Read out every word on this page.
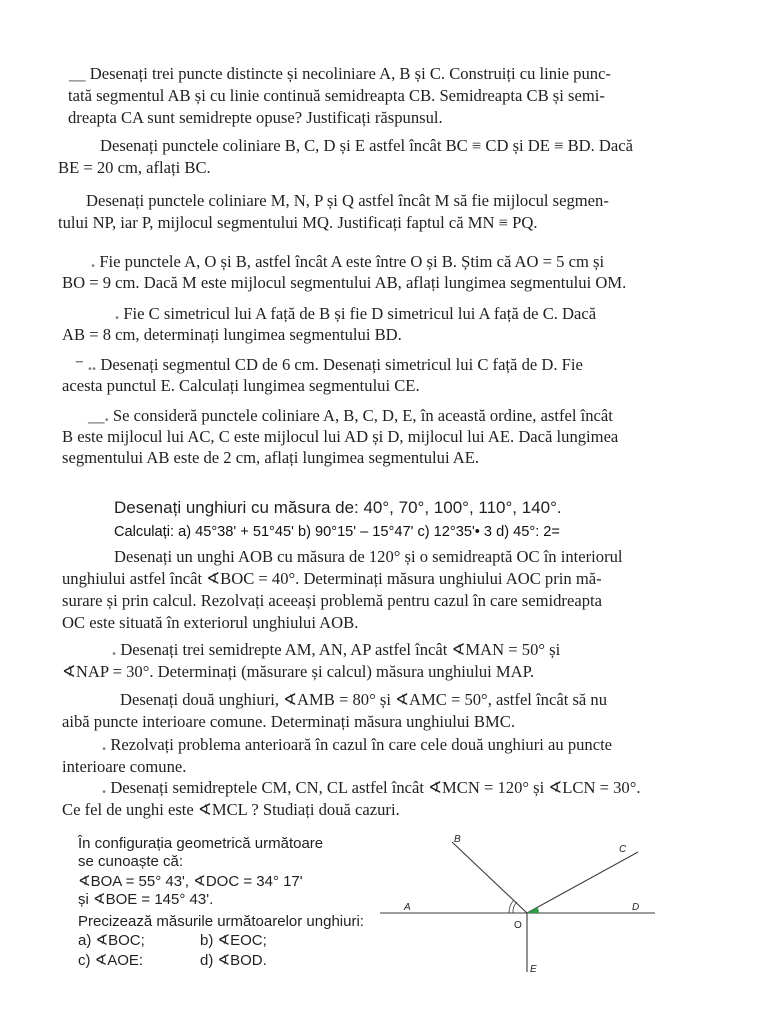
__ Desenați trei puncte distincte și necoliniare A, B și C. Construiți cu linie punc-
tată segmentul AB și cu linie continuă semidreapta CB. Semidreapta CB și semi-
dreapta CA sunt semidrepte opuse? Justificați răspunsul.
Desenați punctele coliniare B, C, D și E astfel încât BC ≡ CD și DE ≡ BD. Dacă
BE = 20 cm, aflați BC.
Desenați punctele coliniare M, N, P și Q astfel încât M să fie mijlocul segmen-
tului NP, iar P, mijlocul segmentului MQ. Justificați faptul că MN ≡ PQ.
. Fie punctele A, O și B, astfel încât A este între O și B. Știm că AO = 5 cm și
BO = 9 cm. Dacă M este mijlocul segmentului AB, aflați lungimea segmentului OM.
. Fie C simetricul lui A față de B și fie D simetricul lui A față de C. Dacă
AB = 8 cm, determinați lungimea segmentului BD.
⁻ .. Desenați segmentul CD de 6 cm. Desenați simetricul lui C față de D. Fie
acesta punctul E. Calculați lungimea segmentului CE.
__. Se consideră punctele coliniare A, B, C, D, E, în această ordine, astfel încât
B este mijlocul lui AC, C este mijlocul lui AD și D, mijlocul lui AE. Dacă lungimea
segmentului AB este de 2 cm, aflați lungimea segmentului AE.
Desenați unghiuri cu măsura de: 40°, 70°, 100°, 110°, 140°.
Calculați: a) 45°38' + 51°45' b) 90°15' – 15°47' c) 12°35'• 3 d) 45°: 2=
Desenați un unghi AOB cu măsura de 120° și o semidreaptă OC în interiorul
unghiului astfel încât ∢BOC = 40°. Determinați măsura unghiului AOC prin mă-
surare și prin calcul. Rezolvați aceeași problemă pentru cazul în care semidreapta
OC este situată în exteriorul unghiului AOB.
. Desenați trei semidrepte AM, AN, AP astfel încât ∢MAN = 50° și
∢NAP = 30°. Determinați (măsurare și calcul) măsura unghiului MAP.
Desenați două unghiuri, ∢AMB = 80° și ∢AMC = 50°, astfel încât să nu
aibă puncte interioare comune. Determinați măsura unghiului BMC.
. Rezolvați problema anterioară în cazul în care cele două unghiuri au puncte
interioare comune.
. Desenați semidreptele CM, CN, CL astfel încât ∢MCN = 120° și ∢LCN = 30°.
Ce fel de unghi este ∢MCL ? Studiați două cazuri.
În configurația geometrică următoare
se cunoaște că:
∢BOA = 55° 43', ∢DOC = 34° 17'
și ∢BOE = 145° 43'.
Precizează măsurile următoarelor unghiuri:
a) ∢BOC;	b) ∢EOC;
c) ∢AOE:	d) ∢BOD.
A
B
C
D
E
O
